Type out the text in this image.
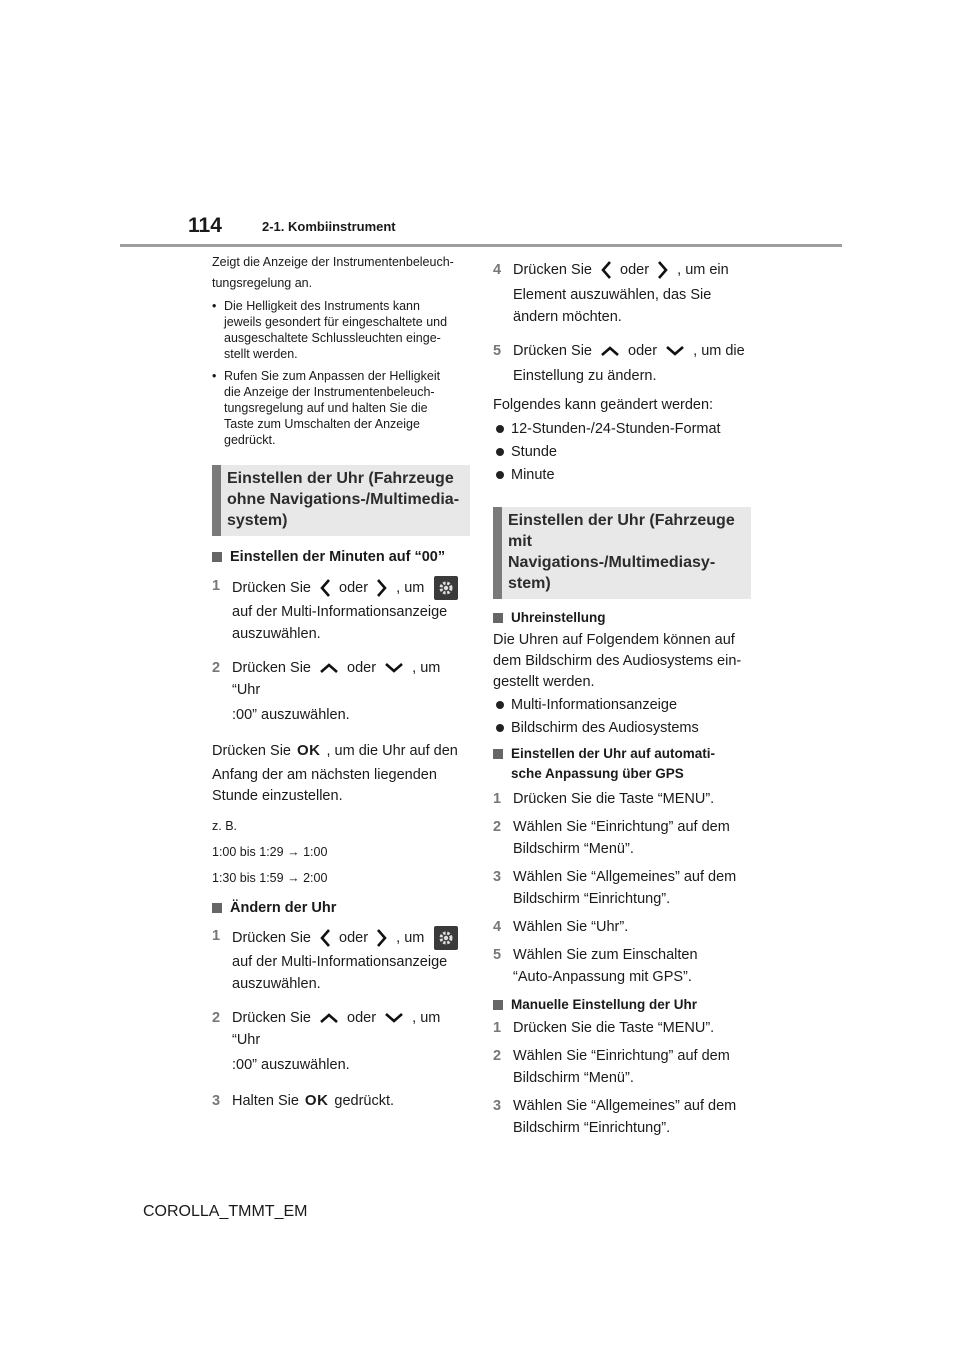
114	2-1. Kombiinstrument
Zeigt die Anzeige der Instrumentenbeleuch-
tungsregelung an.
• Die Helligkeit des Instruments kann
jeweils gesondert für eingeschaltete und
ausgeschaltete Schlussleuchten einge-
stellt werden.
• Rufen Sie zum Anpassen der Helligkeit
die Anzeige der Instrumentenbeleuch-
tungsregelung auf und halten Sie die
Taste zum Umschalten der Anzeige
gedrückt.
Einstellen der Uhr (Fahrzeuge
ohne Navigations-/Multimedia-
system)
Einstellen der Minuten auf “00”
1 Drücken Sie oder , um
auf der Multi-Informationsanzeige
auszuwählen.
2 Drücken Sie oder , um “Uhr
:00” auszuwählen.
Drücken Sie OK , um die Uhr auf den
Anfang der am nächsten liegenden
Stunde einzustellen.
z. B.
1:00 bis 1:29 → 1:00
1:30 bis 1:59 → 2:00
Ändern der Uhr
1 Drücken Sie oder , um
auf der Multi-Informationsanzeige
auszuwählen.
2 Drücken Sie oder , um “Uhr
:00” auszuwählen.
3 Halten Sie OK gedrückt.
4 Drücken Sie oder , um ein
Element auszuwählen, das Sie
ändern möchten.
5 Drücken Sie oder , um die
Einstellung zu ändern.
Folgendes kann geändert werden:
12-Stunden-/24-Stunden-Format
Stunde
Minute
Einstellen der Uhr (Fahrzeuge
mit Navigations-/Multimediasy-
stem)
Uhreinstellung
Die Uhren auf Folgendem können auf
dem Bildschirm des Audiosystems ein-
gestellt werden.
Multi-Informationsanzeige
Bildschirm des Audiosystems
Einstellen der Uhr auf automati-
sche Anpassung über GPS
1 Drücken Sie die Taste “MENU”.
2 Wählen Sie “Einrichtung” auf dem
Bildschirm “Menü”.
3 Wählen Sie “Allgemeines” auf dem
Bildschirm “Einrichtung”.
4 Wählen Sie “Uhr”.
5 Wählen Sie zum Einschalten
“Auto-Anpassung mit GPS”.
Manuelle Einstellung der Uhr
1 Drücken Sie die Taste “MENU”.
2 Wählen Sie “Einrichtung” auf dem
Bildschirm “Menü”.
3 Wählen Sie “Allgemeines” auf dem
Bildschirm “Einrichtung”.
COROLLA_TMMT_EM
